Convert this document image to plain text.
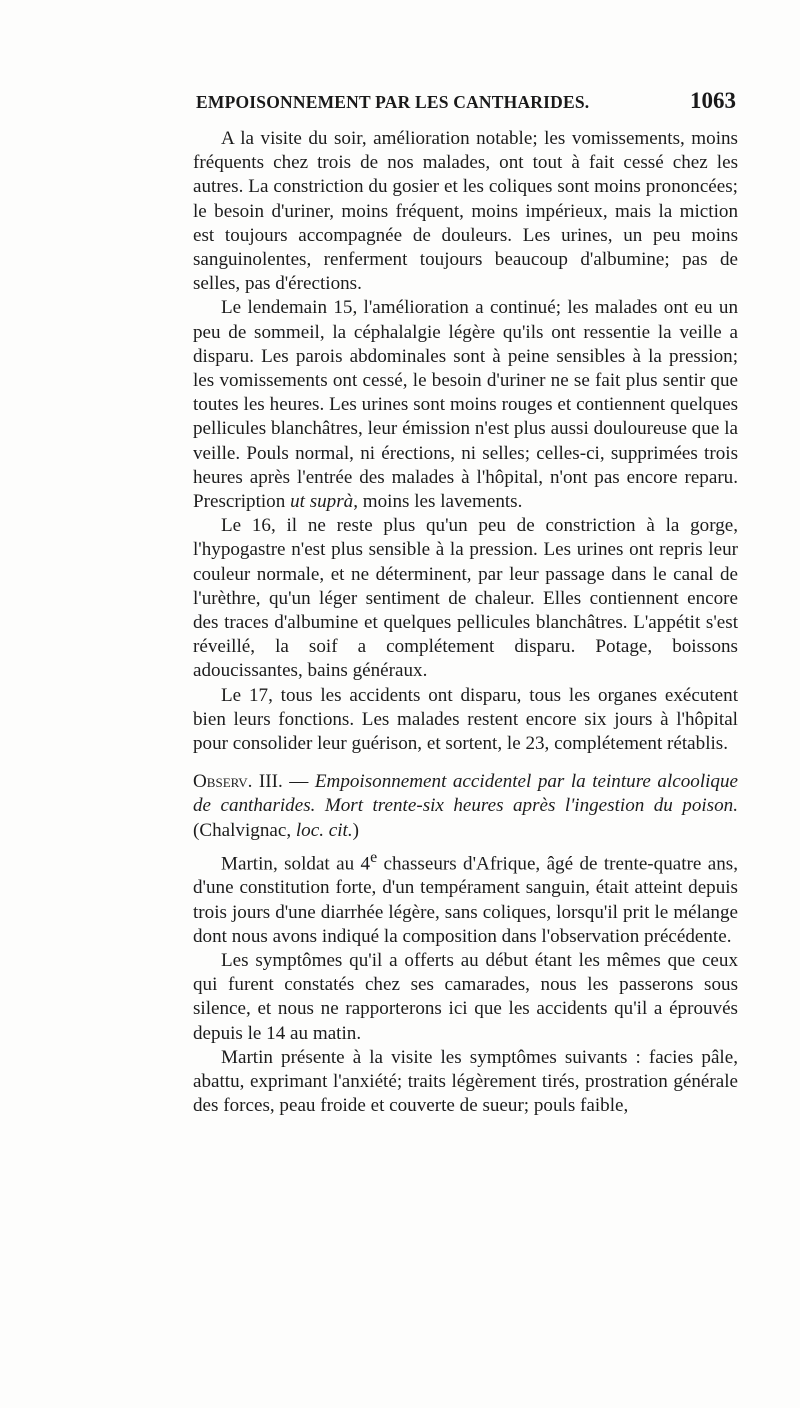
EMPOISONNEMENT PAR LES CANTHARIDES.	1063

A la visite du soir, amélioration notable; les vomissements, moins fréquents chez trois de nos malades, ont tout à fait cessé chez les autres. La constriction du gosier et les coliques sont moins prononcées; le besoin d'uriner, moins fréquent, moins impérieux, mais la miction est toujours accompagnée de douleurs. Les urines, un peu moins sanguinolentes, renferment toujours beaucoup d'albumine; pas de selles, pas d'érections.

Le lendemain 15, l'amélioration a continué; les malades ont eu un peu de sommeil, la céphalalgie légère qu'ils ont ressentie la veille a disparu. Les parois abdominales sont à peine sensibles à la pression; les vomissements ont cessé, le besoin d'uriner ne se fait plus sentir que toutes les heures. Les urines sont moins rouges et contiennent quelques pellicules blanchâtres, leur émission n'est plus aussi douloureuse que la veille. Pouls normal, ni érections, ni selles; celles-ci, supprimées trois heures après l'entrée des malades à l'hôpital, n'ont pas encore reparu. Prescription ut suprà, moins les lavements.

Le 16, il ne reste plus qu'un peu de constriction à la gorge, l'hypogastre n'est plus sensible à la pression. Les urines ont repris leur couleur normale, et ne déterminent, par leur passage dans le canal de l'urèthre, qu'un léger sentiment de chaleur. Elles contiennent encore des traces d'albumine et quelques pellicules blanchâtres. L'appétit s'est réveillé, la soif a complétement disparu. Potage, boissons adoucissantes, bains généraux.

Le 17, tous les accidents ont disparu, tous les organes exécutent bien leurs fonctions. Les malades restent encore six jours à l'hôpital pour consolider leur guérison, et sortent, le 23, complétement rétablis.

Observ. III. — Empoisonnement accidentel par la teinture alcoolique de cantharides. Mort trente-six heures après l'ingestion du poison. (Chalvignac, loc. cit.)

Martin, soldat au 4e chasseurs d'Afrique, âgé de trente-quatre ans, d'une constitution forte, d'un tempérament sanguin, était atteint depuis trois jours d'une diarrhée légère, sans coliques, lorsqu'il prit le mélange dont nous avons indiqué la composition dans l'observation précédente.

Les symptômes qu'il a offerts au début étant les mêmes que ceux qui furent constatés chez ses camarades, nous les passerons sous silence, et nous ne rapporterons ici que les accidents qu'il a éprouvés depuis le 14 au matin.

Martin présente à la visite les symptômes suivants : facies pâle, abattu, exprimant l'anxiété; traits légèrement tirés, prostration générale des forces, peau froide et couverte de sueur; pouls faible,
